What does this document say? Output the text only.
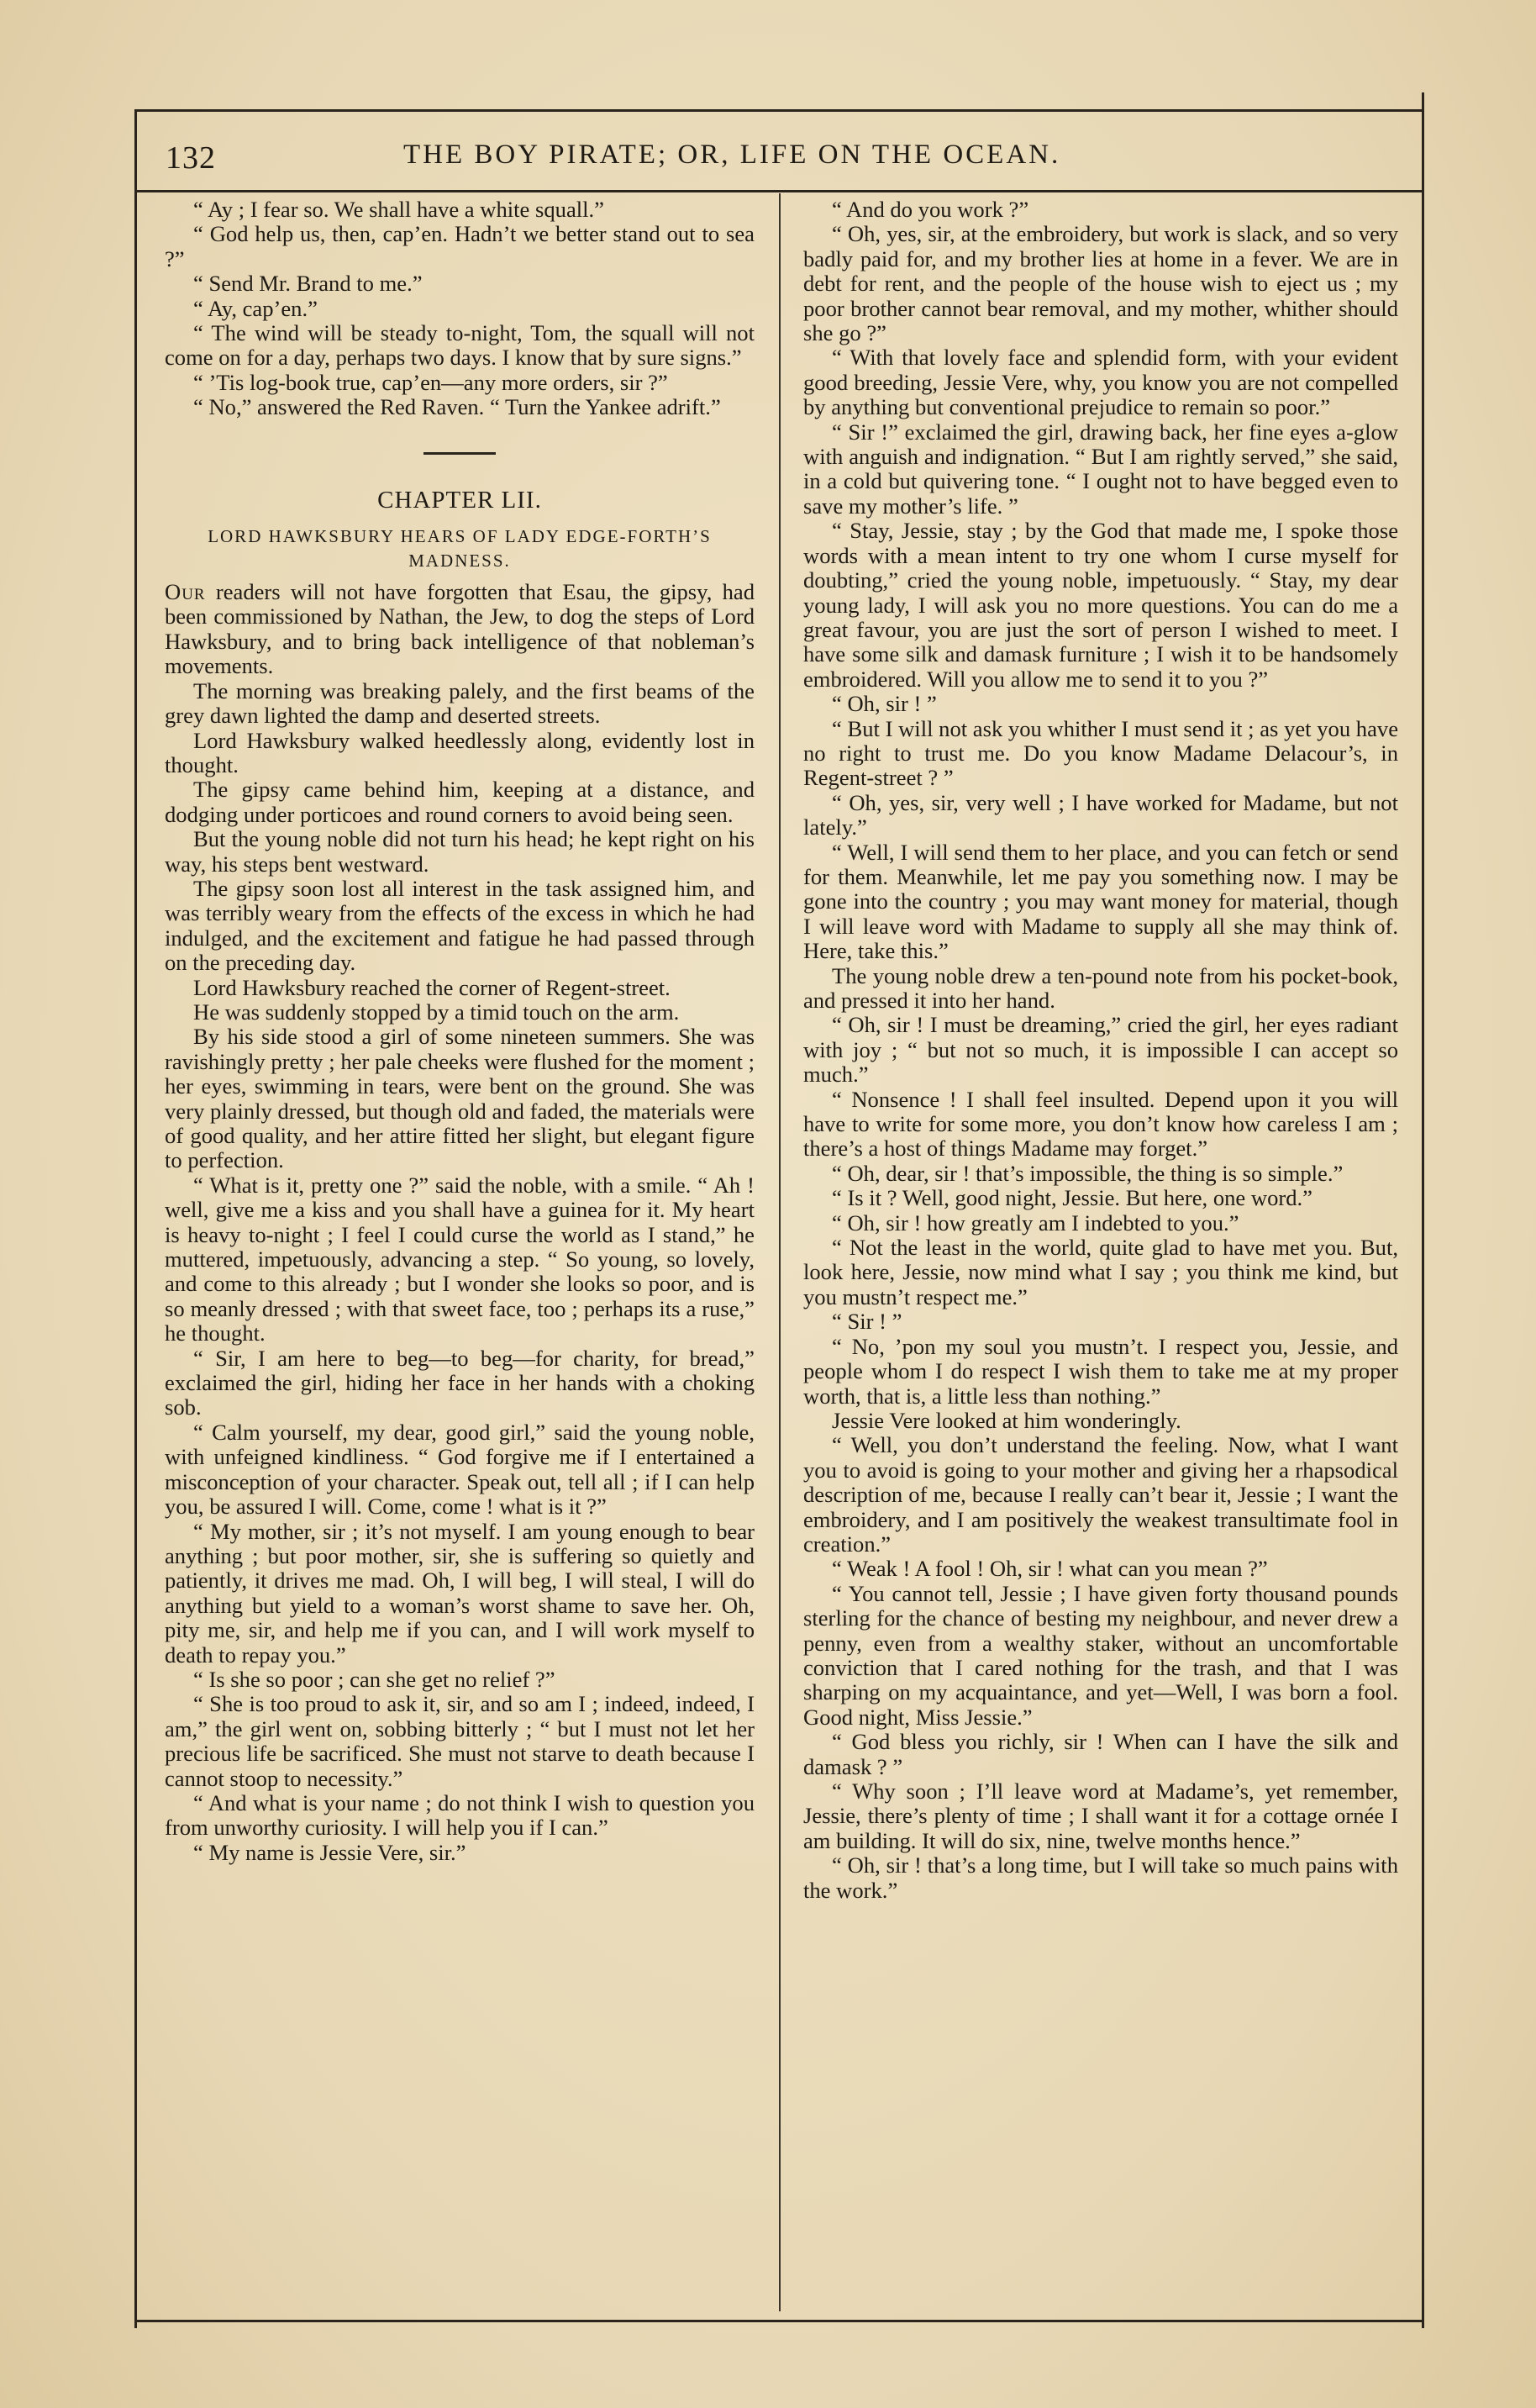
132	THE BOY PIRATE; OR, LIFE ON THE OCEAN.

“ Ay ; I fear so. We shall have a white squall.”

“ God help us, then, cap’en. Hadn’t we better stand out to sea ?”

“ Send Mr. Brand to me.”

“ Ay, cap’en.”

“ The wind will be steady to-night, Tom, the squall will not come on for a day, perhaps two days. I know that by sure signs.”

“ ’Tis log-book true, cap’en—any more orders, sir ?”

“ No,” answered the Red Raven. “ Turn the Yankee adrift.”

CHAPTER LII.
LORD HAWKSBURY HEARS OF LADY EDGE-FORTH’S MADNESS.

Our readers will not have forgotten that Esau, the gipsy, had been commissioned by Nathan, the Jew, to dog the steps of Lord Hawksbury, and to bring back intelligence of that nobleman’s movements.

The morning was breaking palely, and the first beams of the grey dawn lighted the damp and deserted streets.

Lord Hawksbury walked heedlessly along, evidently lost in thought.

The gipsy came behind him, keeping at a distance, and dodging under porticoes and round corners to avoid being seen.

But the young noble did not turn his head; he kept right on his way, his steps bent westward.

The gipsy soon lost all interest in the task assigned him, and was terribly weary from the effects of the excess in which he had indulged, and the excitement and fatigue he had passed through on the preceding day.

Lord Hawksbury reached the corner of Regent-street.

He was suddenly stopped by a timid touch on the arm.

By his side stood a girl of some nineteen summers. She was ravishingly pretty ; her pale cheeks were flushed for the moment ; her eyes, swimming in tears, were bent on the ground. She was very plainly dressed, but though old and faded, the materials were of good quality, and her attire fitted her slight, but elegant figure to perfection.

“ What is it, pretty one ?” said the noble, with a smile. “ Ah ! well, give me a kiss and you shall have a guinea for it. My heart is heavy to-night ; I feel I could curse the world as I stand,” he muttered, impetuously, advancing a step. “ So young, so lovely, and come to this already ; but I wonder she looks so poor, and is so meanly dressed ; with that sweet face, too ; perhaps its a ruse,” he thought.

“ Sir, I am here to beg—to beg—for charity, for bread,” exclaimed the girl, hiding her face in her hands with a choking sob.

“ Calm yourself, my dear, good girl,” said the young noble, with unfeigned kindliness. “ God forgive me if I entertained a misconception of your character. Speak out, tell all ; if I can help you, be assured I will. Come, come ! what is it ?”

“ My mother, sir ; it’s not myself. I am young enough to bear anything ; but poor mother, sir, she is suffering so quietly and patiently, it drives me mad. Oh, I will beg, I will steal, I will do anything but yield to a woman’s worst shame to save her. Oh, pity me, sir, and help me if you can, and I will work myself to death to repay you.”

“ Is she so poor ; can she get no relief ?”

“ She is too proud to ask it, sir, and so am I ; indeed, indeed, I am,” the girl went on, sobbing bitterly ; “ but I must not let her precious life be sacrificed. She must not starve to death because I cannot stoop to necessity.”

“ And what is your name ; do not think I wish to question you from unworthy curiosity. I will help you if I can.”

“ My name is Jessie Vere, sir.”

“ And do you work ?”

“ Oh, yes, sir, at the embroidery, but work is slack, and so very badly paid for, and my brother lies at home in a fever. We are in debt for rent, and the people of the house wish to eject us ; my poor brother cannot bear removal, and my mother, whither should she go ?”

“ With that lovely face and splendid form, with your evident good breeding, Jessie Vere, why, you know you are not compelled by anything but conventional prejudice to remain so poor.”

“ Sir !” exclaimed the girl, drawing back, her fine eyes a-glow with anguish and indignation. “ But I am rightly served,” she said, in a cold but quivering tone. “ I ought not to have begged even to save my mother’s life. ”

“ Stay, Jessie, stay ; by the God that made me, I spoke those words with a mean intent to try one whom I curse myself for doubting,” cried the young noble, impetuously. “ Stay, my dear young lady, I will ask you no more questions. You can do me a great favour, you are just the sort of person I wished to meet. I have some silk and damask furniture ; I wish it to be handsomely embroidered. Will you allow me to send it to you ?”

“ Oh, sir ! ”

“ But I will not ask you whither I must send it ; as yet you have no right to trust me. Do you know Madame Delacour’s, in Regent-street ? ”

“ Oh, yes, sir, very well ; I have worked for Madame, but not lately.”

“ Well, I will send them to her place, and you can fetch or send for them. Meanwhile, let me pay you something now. I may be gone into the country ; you may want money for material, though I will leave word with Madame to supply all she may think of. Here, take this.”

The young noble drew a ten-pound note from his pocket-book, and pressed it into her hand.

“ Oh, sir ! I must be dreaming,” cried the girl, her eyes radiant with joy ; “ but not so much, it is impossible I can accept so much.”

“ Nonsence ! I shall feel insulted. Depend upon it you will have to write for some more, you don’t know how careless I am ; there’s a host of things Madame may forget.”

“ Oh, dear, sir ! that’s impossible, the thing is so simple.”

“ Is it ? Well, good night, Jessie. But here, one word.”

“ Oh, sir ! how greatly am I indebted to you.”

“ Not the least in the world, quite glad to have met you. But, look here, Jessie, now mind what I say ; you think me kind, but you mustn’t respect me.”

“ Sir ! ”

“ No, ’pon my soul you mustn’t. I respect you, Jessie, and people whom I do respect I wish them to take me at my proper worth, that is, a little less than nothing.”

Jessie Vere looked at him wonderingly.

“ Well, you don’t understand the feeling. Now, what I want you to avoid is going to your mother and giving her a rhapsodical description of me, because I really can’t bear it, Jessie ; I want the embroidery, and I am positively the weakest transultimate fool in creation.”

“ Weak ! A fool ! Oh, sir ! what can you mean ?”

“ You cannot tell, Jessie ; I have given forty thousand pounds sterling for the chance of besting my neighbour, and never drew a penny, even from a wealthy staker, without an uncomfortable conviction that I cared nothing for the trash, and that I was sharping on my acquaintance, and yet—Well, I was born a fool. Good night, Miss Jessie.”

“ God bless you richly, sir ! When can I have the silk and damask ? ”

“ Why soon ; I’ll leave word at Madame’s, yet remember, Jessie, there’s plenty of time ; I shall want it for a cottage ornée I am building. It will do six, nine, twelve months hence.”

“ Oh, sir ! that’s a long time, but I will take so much pains with the work.”
